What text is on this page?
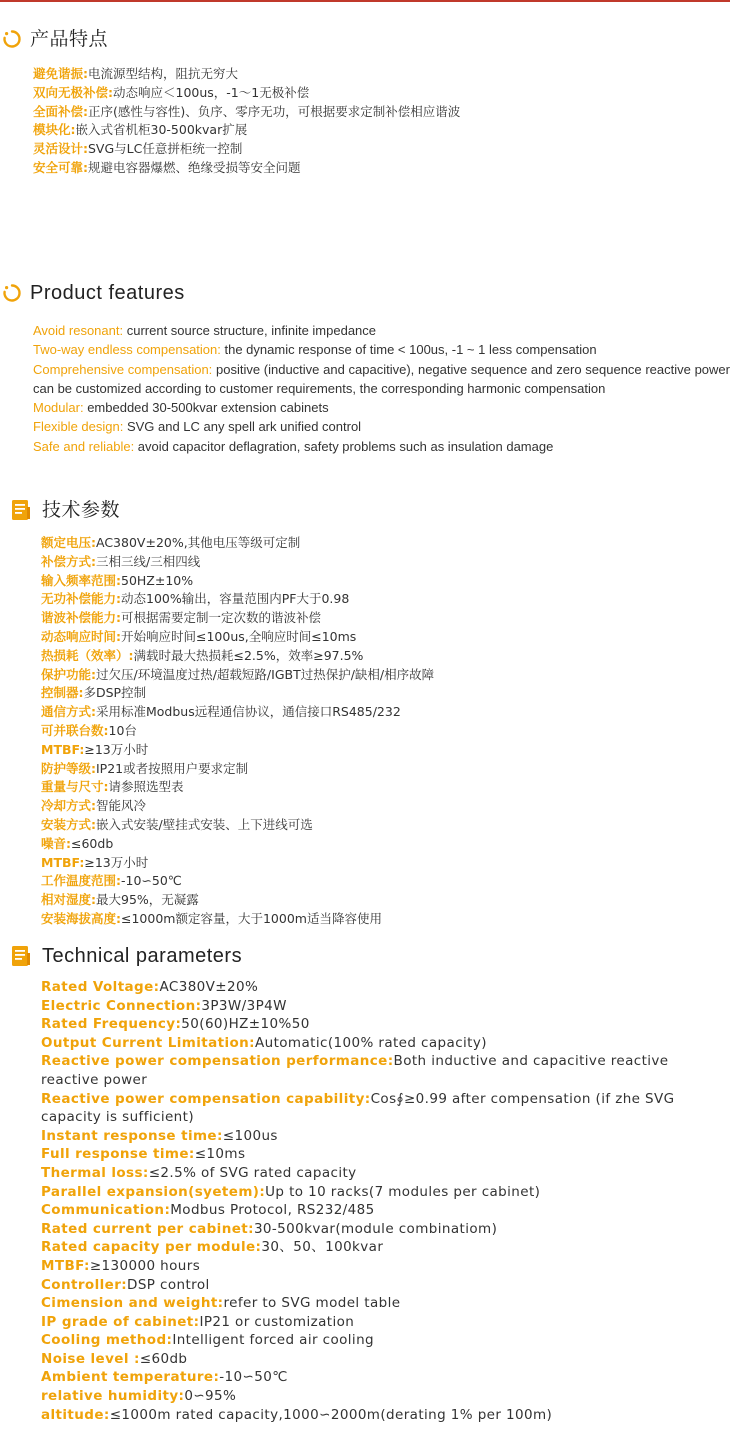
产品特点
避免谐振:电流源型结构，阻抗无穷大
双向无极补偿:动态响应＜100us，-1～1无极补偿
全面补偿:正序(感性与容性)、负序、零序无功，可根据要求定制补偿相应谐波
模块化:嵌入式省机柜30-500kvar扩展
灵活设计:SVG与LC任意拼柜统一控制
安全可靠:规避电容器爆燃、绝缘受损等安全问题
Product features
Avoid resonant: current source structure, infinite impedance
Two-way endless compensation: the dynamic response of time < 100us, -1 ~ 1 less compensation
Comprehensive compensation: positive (inductive and capacitive), negative sequence and zero sequence reactive power can be customized according to customer requirements, the corresponding harmonic compensation
Modular: embedded 30-500kvar extension cabinets
Flexible design: SVG and LC any spell ark unified control
Safe and reliable: avoid capacitor deflagration, safety problems such as insulation damage
技术参数
额定电压:AC380V±20%,其他电压等级可定制
补偿方式:三相三线/三相四线
输入频率范围:50HZ±10%
无功补偿能力:动态100%输出，容量范围内PF大于0.98
谐波补偿能力:可根据需要定制一定次数的谐波补偿
动态响应时间:开始响应时间≤100us,全响应时间≤10ms
热损耗（效率）:满载时最大热损耗≤2.5%，效率≥97.5%
保护功能:过欠压/环境温度过热/超载短路/IGBT过热保护/缺相/相序故障
控制器:多DSP控制
通信方式:采用标准Modbus远程通信协议，通信接口RS485/232
可并联台数:10台
MTBF:≥13万小时
防护等级:IP21或者按照用户要求定制
重量与尺寸:请参照选型表
冷却方式:智能风冷
安装方式:嵌入式安装/壁挂式安装、上下进线可选
噪音:≤60db
MTBF:≥13万小时
工作温度范围:-10∽50℃
相对湿度:最大95%，无凝露
安装海拔高度:≤1000m额定容量，大于1000m适当降容使用
Technical parameters
Rated Voltage:AC380V±20%
Electric Connection:3P3W/3P4W
Rated Frequency:50(60)HZ±10%50
Output Current Limitation:Automatic(100% rated capacity)
Reactive power compensation performance:Both inductive and capacitive reactive reactive power
Reactive power compensation capability:Cos∮≥0.99 after compensation (if zhe SVG capacity is sufficient)
Instant response time:≤100us
Full response time:≤10ms
Thermal loss:≤2.5% of SVG rated capacity
Parallel expansion(syetem):Up to 10 racks(7 modules per cabinet)
Communication:Modbus Protocol, RS232/485
Rated current per cabinet:30-500kvar(module combinatiom)
Rated capacity per module:30、50、100kvar
MTBF:≥130000 hours
Controller:DSP control
Cimension and weight:refer to SVG model table
IP grade of cabinet:IP21 or customization
Cooling method:Intelligent forced air cooling
Noise level :≤60db
Ambient temperature:-10∽50℃
relative humidity:0∽95%
altitude:≤1000m rated capacity,1000∽2000m(derating 1% per 100m)
